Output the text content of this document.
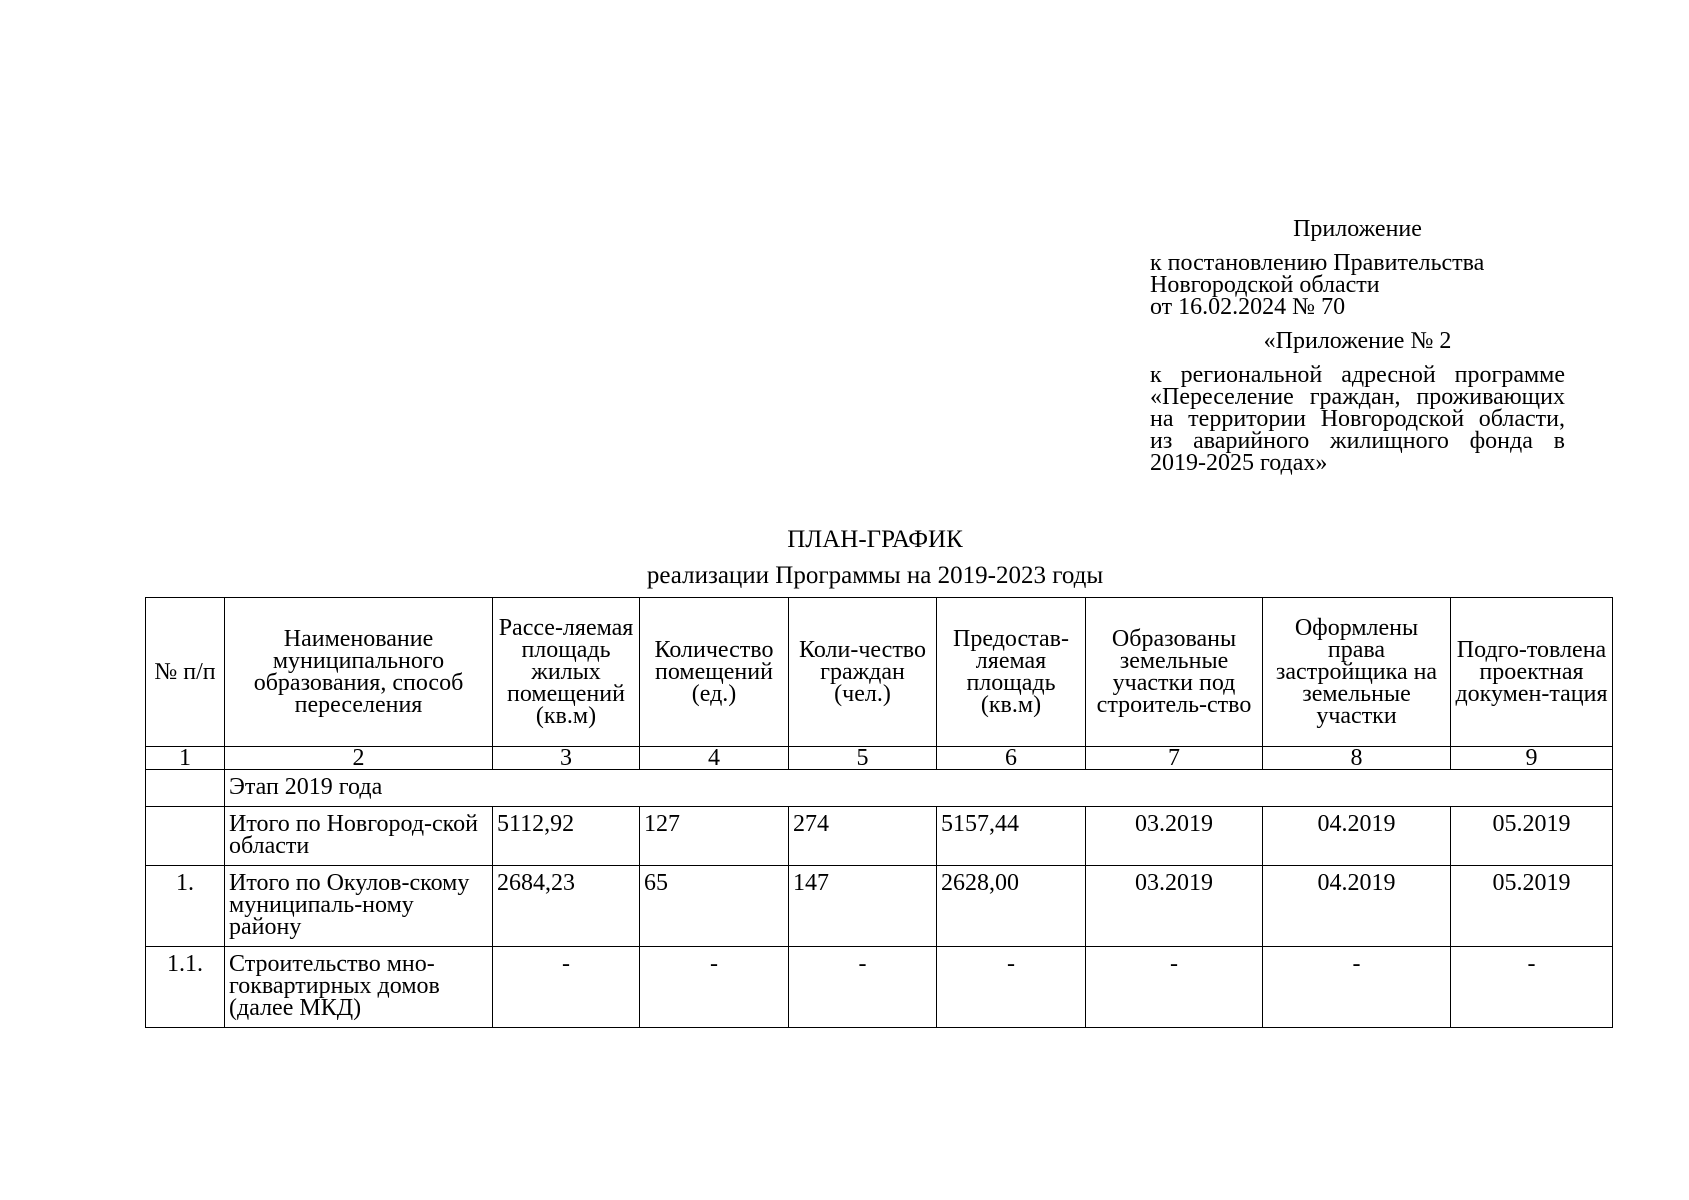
Приложение
к постановлению Правительства
Новгородской области
от 16.02.2024 № 70
«Приложение № 2
к региональной адресной программе «Переселение граждан, проживающих на территории Новгородской области, из аварийного жилищного фонда в 2019-2025 годах»
ПЛАН-ГРАФИК
реализации Программы на 2019-2023 годы
№ п/п	Наименование муниципального образования, способ переселения	Рассе-ляемая площадь жилых помещений (кв.м)	Количество помещений (ед.)	Коли-чество граждан (чел.)	Предостав-ляемая площадь (кв.м)	Образованы земельные участки под строитель-ство	Оформлены права застройщика на земельные участки	Подго-товлена проектная докумен-тация
1	2	3	4	5	6	7	8	9
	Этап 2019 года							
	Итого по Новгород-ской области	5112,92	127	274	5157,44	03.2019	04.2019	05.2019
1.	Итого по Окулов-скому муниципаль-ному району	2684,23	65	147	2628,00	03.2019	04.2019	05.2019
1.1.	Строительство мно-гоквартирных домов (далее МКД)	-	-	-	-	-	-	-
